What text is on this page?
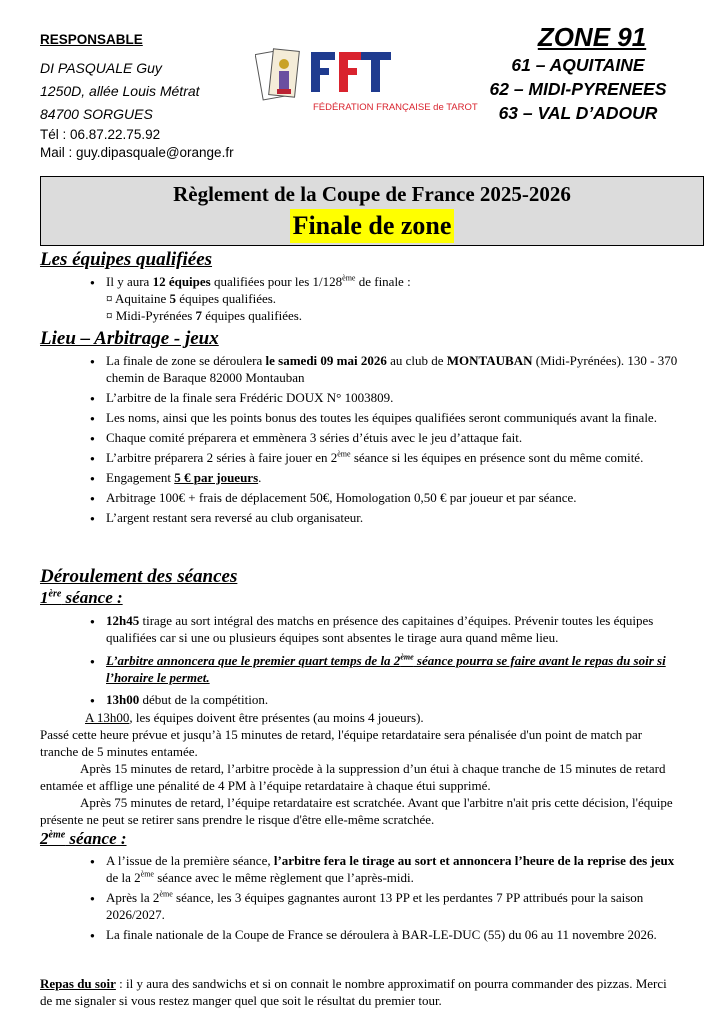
RESPONSABLE
DI PASQUALE Guy
1250D, allée Louis Métrat
84700 SORGUES
Tél : 06.87.22.75.92
Mail : guy.dipasquale@orange.fr
FÉDÉRATION FRANÇAISE de TAROT
ZONE 91
61 – AQUITAINE
62 – MIDI-PYRENEES
63 – VAL D’ADOUR
Règlement de la Coupe de France 2025-2026
Finale de zone
Les équipes qualifiées
● Il y aura 12 équipes qualifiées pour les 1/128ème de finale :
¤ Aquitaine 5 équipes qualifiées.
¤ Midi-Pyrénées 7 équipes qualifiées.
Lieu – Arbitrage - jeux
● La finale de zone se déroulera le samedi 09 mai 2026 au club de MONTAUBAN (Midi-Pyrénées). 130 - 370 chemin de Baraque 82000 Montauban
● L’arbitre de la finale sera Frédéric DOUX N° 1003809.
● Les noms, ainsi que les points bonus des toutes les équipes qualifiées seront communiqués avant la finale.
● Chaque comité préparera et emmènera 3 séries d’étuis avec le jeu d’attaque fait.
● L’arbitre préparera 2 séries à faire jouer en 2ème séance si les équipes en présence sont du même comité.
● Engagement 5 € par joueurs.
● Arbitrage 100€ + frais de déplacement 50€, Homologation 0,50 € par joueur et par séance.
● L’argent restant sera reversé au club organisateur.
Déroulement des séances
1ère séance :
● 12h45 tirage au sort intégral des matchs en présence des capitaines d’équipes. Prévenir toutes les équipes qualifiées car si une ou plusieurs équipes sont absentes le tirage aura quand même lieu.
● L’arbitre annoncera que le premier quart temps de la 2ème séance pourra se faire avant le repas du soir si l’horaire le permet.
● 13h00 début de la compétition.

A 13h00, les équipes doivent être présentes (au moins 4 joueurs).

Passé cette heure prévue et jusqu’à 15 minutes de retard, l'équipe retardataire sera pénalisée d'un point de match par tranche de 5 minutes entamée.

Après 15 minutes de retard, l’arbitre procède à la suppression d’un étui à chaque tranche de 15 minutes de retard entamée et afflige une pénalité de 4 PM à l’équipe retardataire à chaque étui supprimé.

Après 75 minutes de retard, l’équipe retardataire est scratchée. Avant que l'arbitre n'ait pris cette décision, l'équipe présente ne peut se retirer sans prendre le risque d'être elle-même scratchée.

2ème séance :
● A l’issue de la première séance, l’arbitre fera le tirage au sort et annoncera l’heure de la reprise des jeux de la 2ème séance avec le même règlement que l’après-midi.
● Après la 2ème séance, les 3 équipes gagnantes auront 13 PP et les perdantes 7 PP attribués pour la saison 2026/2027.
● La finale nationale de la Coupe de France se déroulera à BAR-LE-DUC (55) du 06 au 11 novembre 2026.

Repas du soir : il y aura des sandwichs et si on connait le nombre approximatif on pourra commander des pizzas. Merci de me signaler si vous restez manger quel que soit le résultat du premier tour.
